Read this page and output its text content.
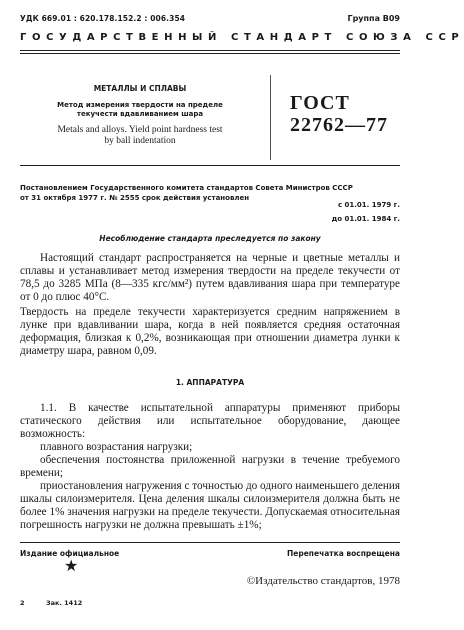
УДК 669.01 : 620.178.152.2 : 006.354	Группа В09
ГОСУДАРСТВЕННЫЙ СТАНДАРТ СОЮЗА ССР
МЕТАЛЛЫ И СПЛАВЫ
Метод измерения твердости на пределе
текучести вдавливанием шара
Metals and alloys. Yield point hardness test
by ball indentation
ГОСТ
22762—77
Постановлением Государственного комитета стандартов Совета Министров СССР
от 31 октября 1977 г. № 2555 срок действия установлен
с 01.01. 1979 г.
до 01.01. 1984 г.
Несоблюдение стандарта преследуется по закону
Настоящий стандарт распространяется на черные и цветные металлы и сплавы и устанавливает метод измерения твердости на пределе текучести от 78,5 до 3285 МПа (8—335 кгс/мм²) путем вдавливания шара при температуре от 0 до плюс 40°С.
Твердость на пределе текучести характеризуется средним напряжением в лунке при вдавливании шара, когда в ней появляется средняя остаточная деформация, близкая к 0,2%, возникающая при отношении диаметра лунки к диаметру шара, равном 0,09.
1. АППАРАТУРА
1.1. В качестве испытательной аппаратуры применяют приборы статического действия или испытательное оборудование, дающее возможность:
плавного возрастания нагрузки;
обеспечения постоянства приложенной нагрузки в течение требуемого времени;
приостановления нагружения с точностью до одного наименьшего деления шкалы силоизмерителя. Цена деления шкалы силоизмерителя должна быть не более 1% значения нагрузки на пределе текучести. Допускаемая относительная погрешность нагрузки не должна превышать ±1%;
Издание официальное	Перепечатка воспрещена
★
©Издательство стандартов, 1978
2	Зак. 1412
